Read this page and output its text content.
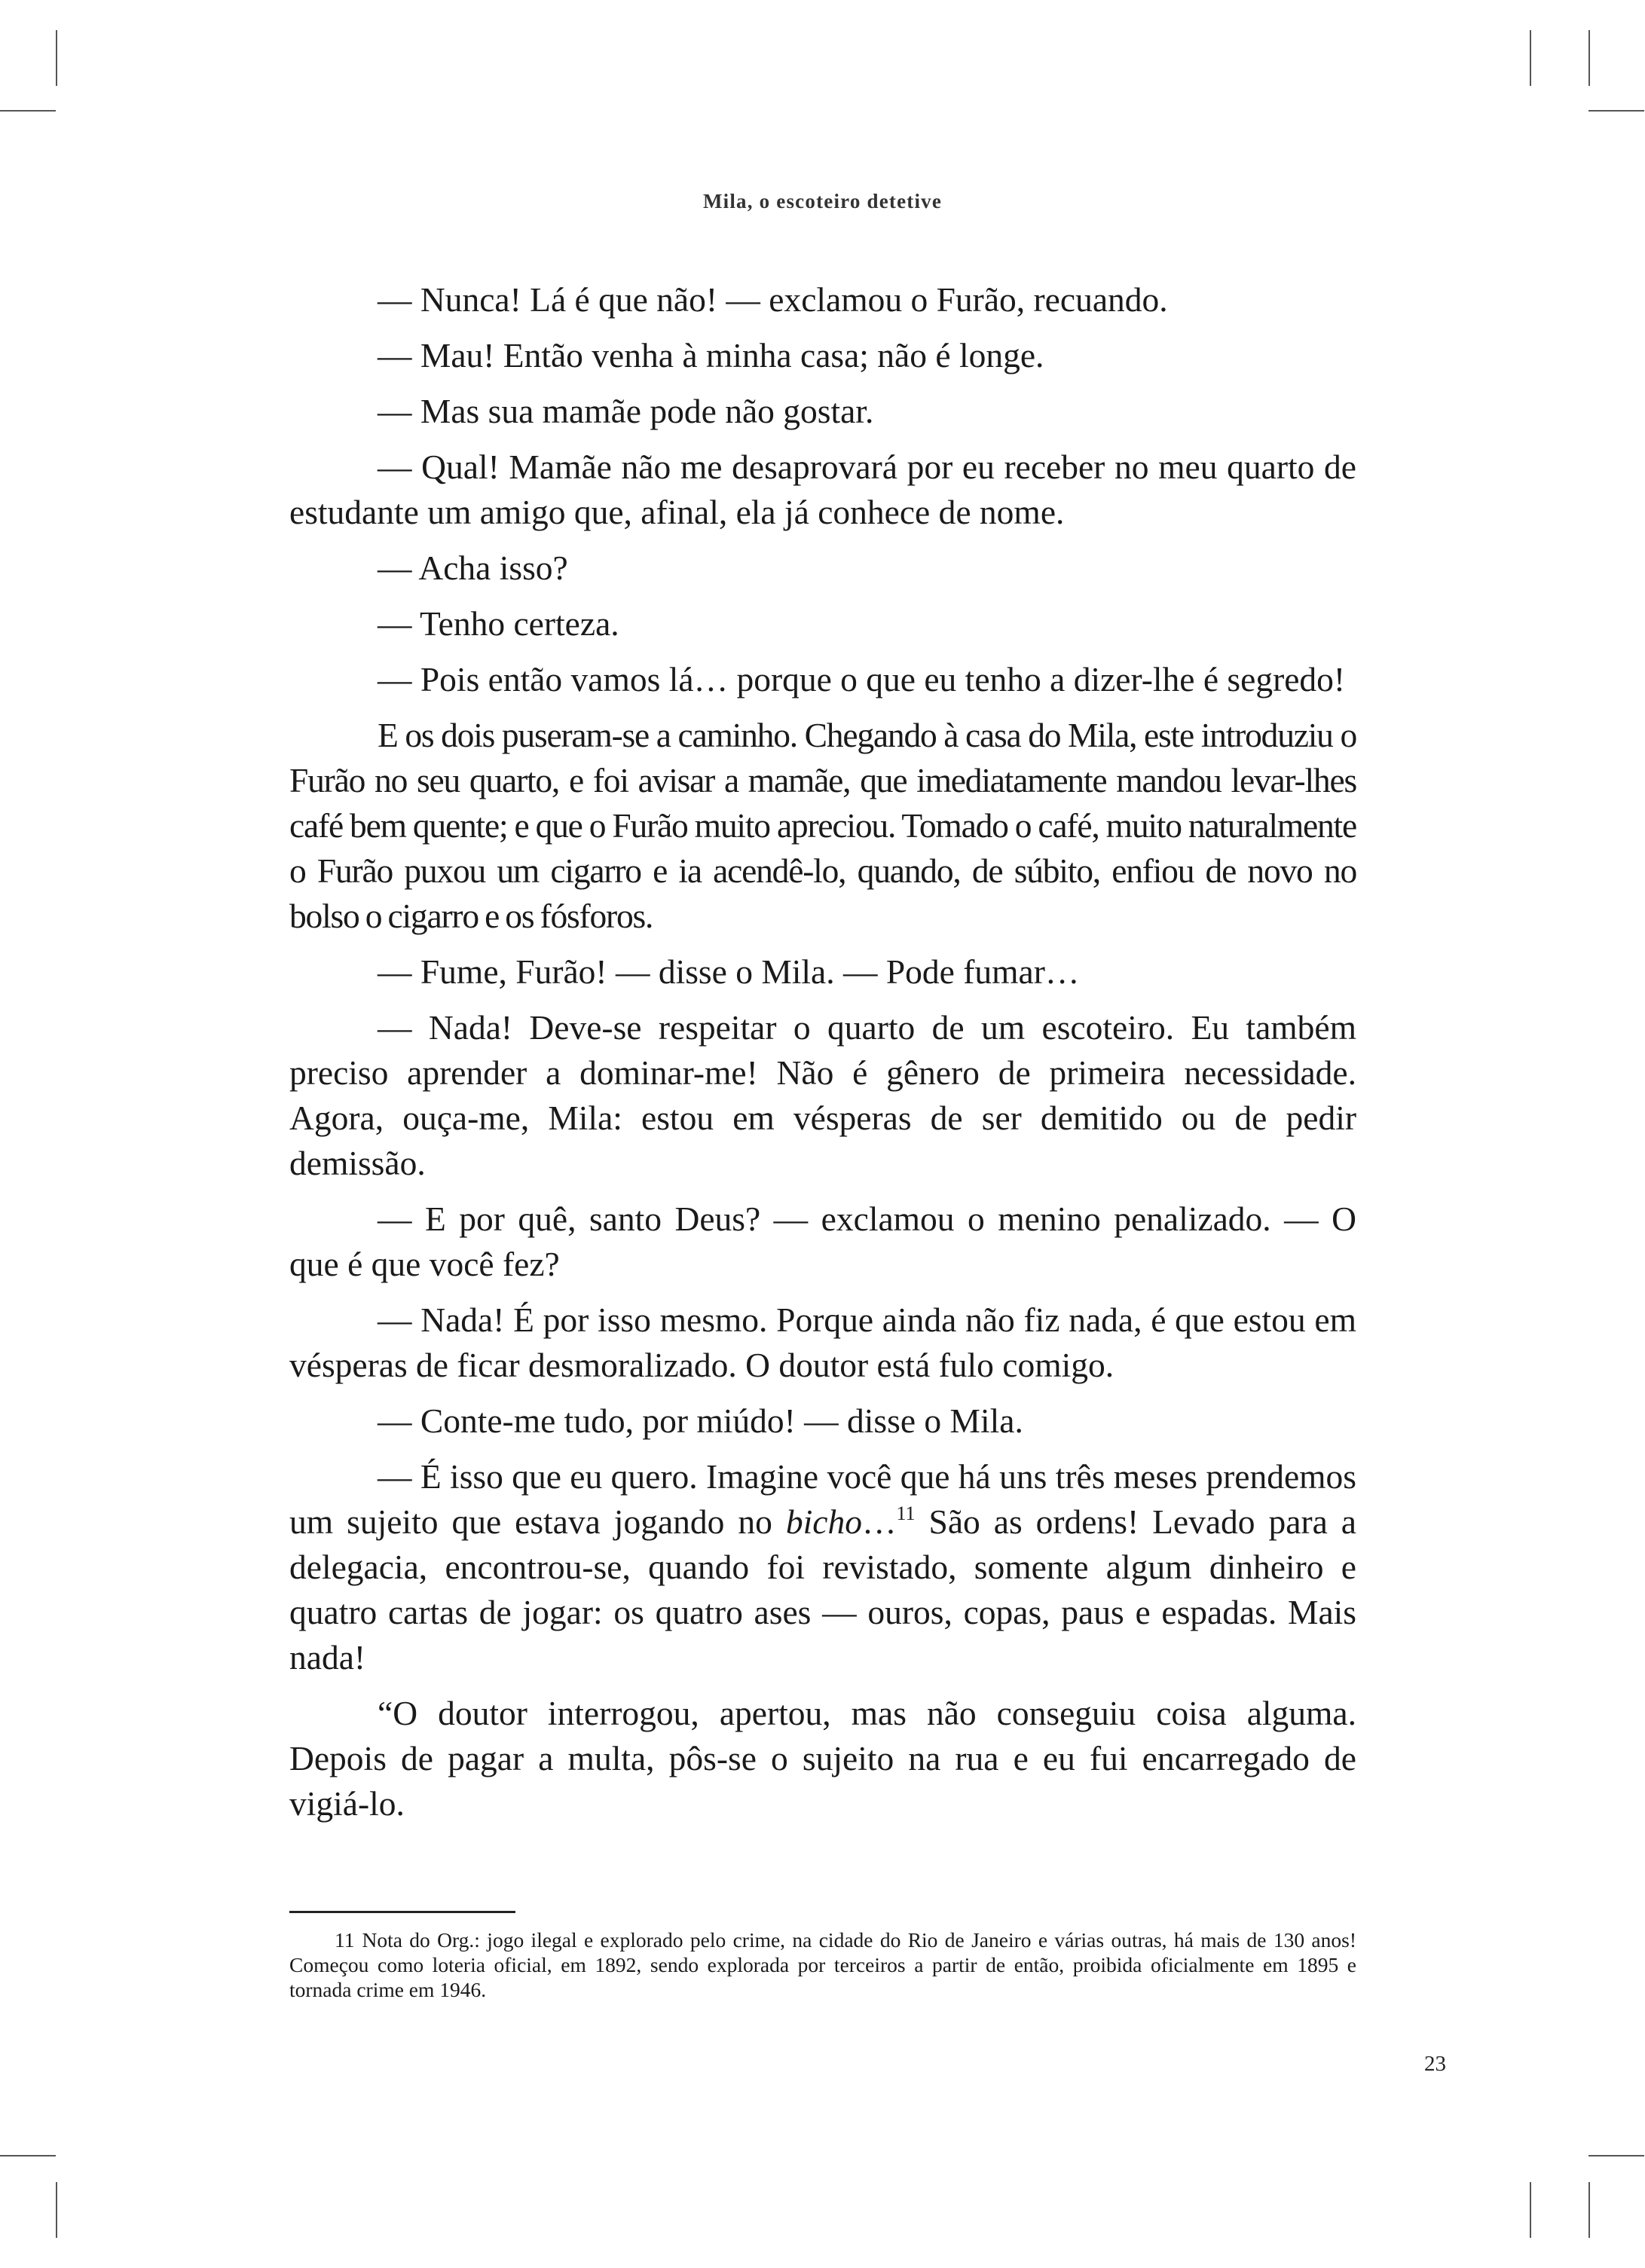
Mila, o escoteiro detetive

— Nunca! Lá é que não! — exclamou o Furão, recuando.

— Mau! Então venha à minha casa; não é longe.

— Mas sua mamãe pode não gostar.

— Qual! Mamãe não me desaprovará por eu receber no meu quarto de estudante um amigo que, afinal, ela já conhece de nome.

— Acha isso?

— Tenho certeza.

— Pois então vamos lá… porque o que eu tenho a dizer-lhe é segredo!

E os dois puseram-se a caminho. Chegando à casa do Mila, este introduziu o Furão no seu quarto, e foi avisar a mamãe, que imediatamente mandou levar-lhes café bem quente; e que o Furão muito apreciou. Tomado o café, muito naturalmente o Furão puxou um cigarro e ia acendê-lo, quando, de súbito, enfiou de novo no bolso o cigarro e os fósforos.

— Fume, Furão! — disse o Mila. — Pode fumar…

— Nada! Deve-se respeitar o quarto de um escoteiro. Eu também preciso aprender a dominar-me! Não é gênero de primeira necessidade. Agora, ouça-me, Mila: estou em vésperas de ser demitido ou de pedir demissão.

— E por quê, santo Deus? — exclamou o menino penalizado. — O que é que você fez?

— Nada! É por isso mesmo. Porque ainda não fiz nada, é que estou em vésperas de ficar desmoralizado. O doutor está fulo comigo.

— Conte-me tudo, por miúdo! — disse o Mila.

— É isso que eu quero. Imagine você que há uns três meses prendemos um sujeito que estava jogando no bicho…$^{11}$ São as ordens! Levado para a delegacia, encontrou-se, quando foi revistado, somente algum dinheiro e quatro cartas de jogar: os quatro ases — ouros, copas, paus e espadas. Mais nada!

“O doutor interrogou, apertou, mas não conseguiu coisa alguma. Depois de pagar a multa, pôs-se o sujeito na rua e eu fui encarregado de vigiá-lo.

11 Nota do Org.: jogo ilegal e explorado pelo crime, na cidade do Rio de Janeiro e várias outras, há mais de 130 anos! Começou como loteria oficial, em 1892, sendo explorada por terceiros a partir de então, proibida oficialmente em 1895 e tornada crime em 1946.
23
